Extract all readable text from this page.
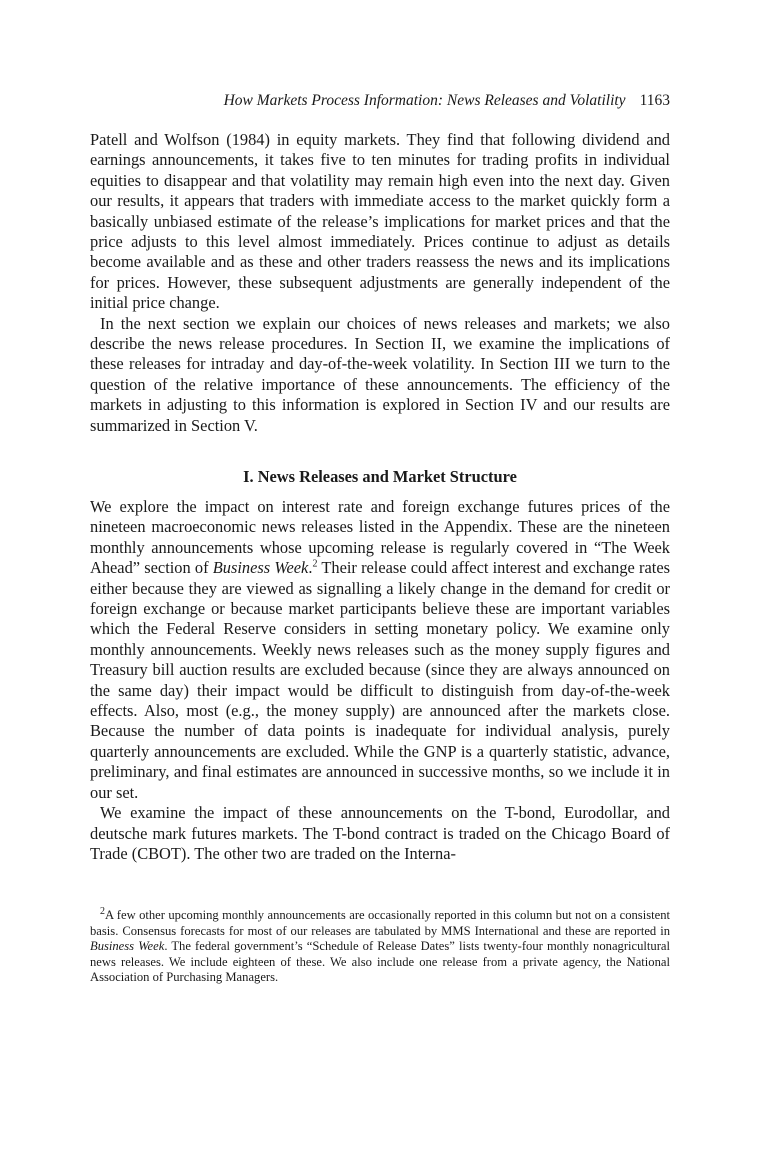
How Markets Process Information: News Releases and Volatility 1163

Patell and Wolfson (1984) in equity markets. They find that following dividend and earnings announcements, it takes five to ten minutes for trading profits in individual equities to disappear and that volatility may remain high even into the next day. Given our results, it appears that traders with immediate access to the market quickly form a basically unbiased estimate of the release’s implications for market prices and that the price adjusts to this level almost immediately. Prices continue to adjust as details become available and as these and other traders reassess the news and its implications for prices. However, these subsequent adjustments are generally independent of the initial price change.

In the next section we explain our choices of news releases and markets; we also describe the news release procedures. In Section II, we examine the implications of these releases for intraday and day-of-the-week volatility. In Section III we turn to the question of the relative importance of these announcements. The efficiency of the markets in adjusting to this information is explored in Section IV and our results are summarized in Section V.

I. News Releases and Market Structure

We explore the impact on interest rate and foreign exchange futures prices of the nineteen macroeconomic news releases listed in the Appendix. These are the nineteen monthly announcements whose upcoming release is regularly covered in “The Week Ahead” section of Business Week.$^2$ Their release could affect interest and exchange rates either because they are viewed as signalling a likely change in the demand for credit or foreign exchange or because market participants believe these are important variables which the Federal Reserve considers in setting monetary policy. We examine only monthly announcements. Weekly news releases such as the money supply figures and Treasury bill auction results are excluded because (since they are always announced on the same day) their impact would be difficult to distinguish from day-of-the-week effects. Also, most (e.g., the money supply) are announced after the markets close. Because the number of data points is inadequate for individual analysis, purely quarterly announcements are excluded. While the GNP is a quarterly statistic, advance, preliminary, and final estimates are announced in successive months, so we include it in our set.

We examine the impact of these announcements on the T-bond, Eurodollar, and deutsche mark futures markets. The T-bond contract is traded on the Chicago Board of Trade (CBOT). The other two are traded on the Interna-

$^2$A few other upcoming monthly announcements are occasionally reported in this column but not on a consistent basis. Consensus forecasts for most of our releases are tabulated by MMS International and these are reported in Business Week. The federal government’s “Schedule of Release Dates” lists twenty-four monthly nonagricultural news releases. We include eighteen of these. We also include one release from a private agency, the National Association of Purchasing Managers.
